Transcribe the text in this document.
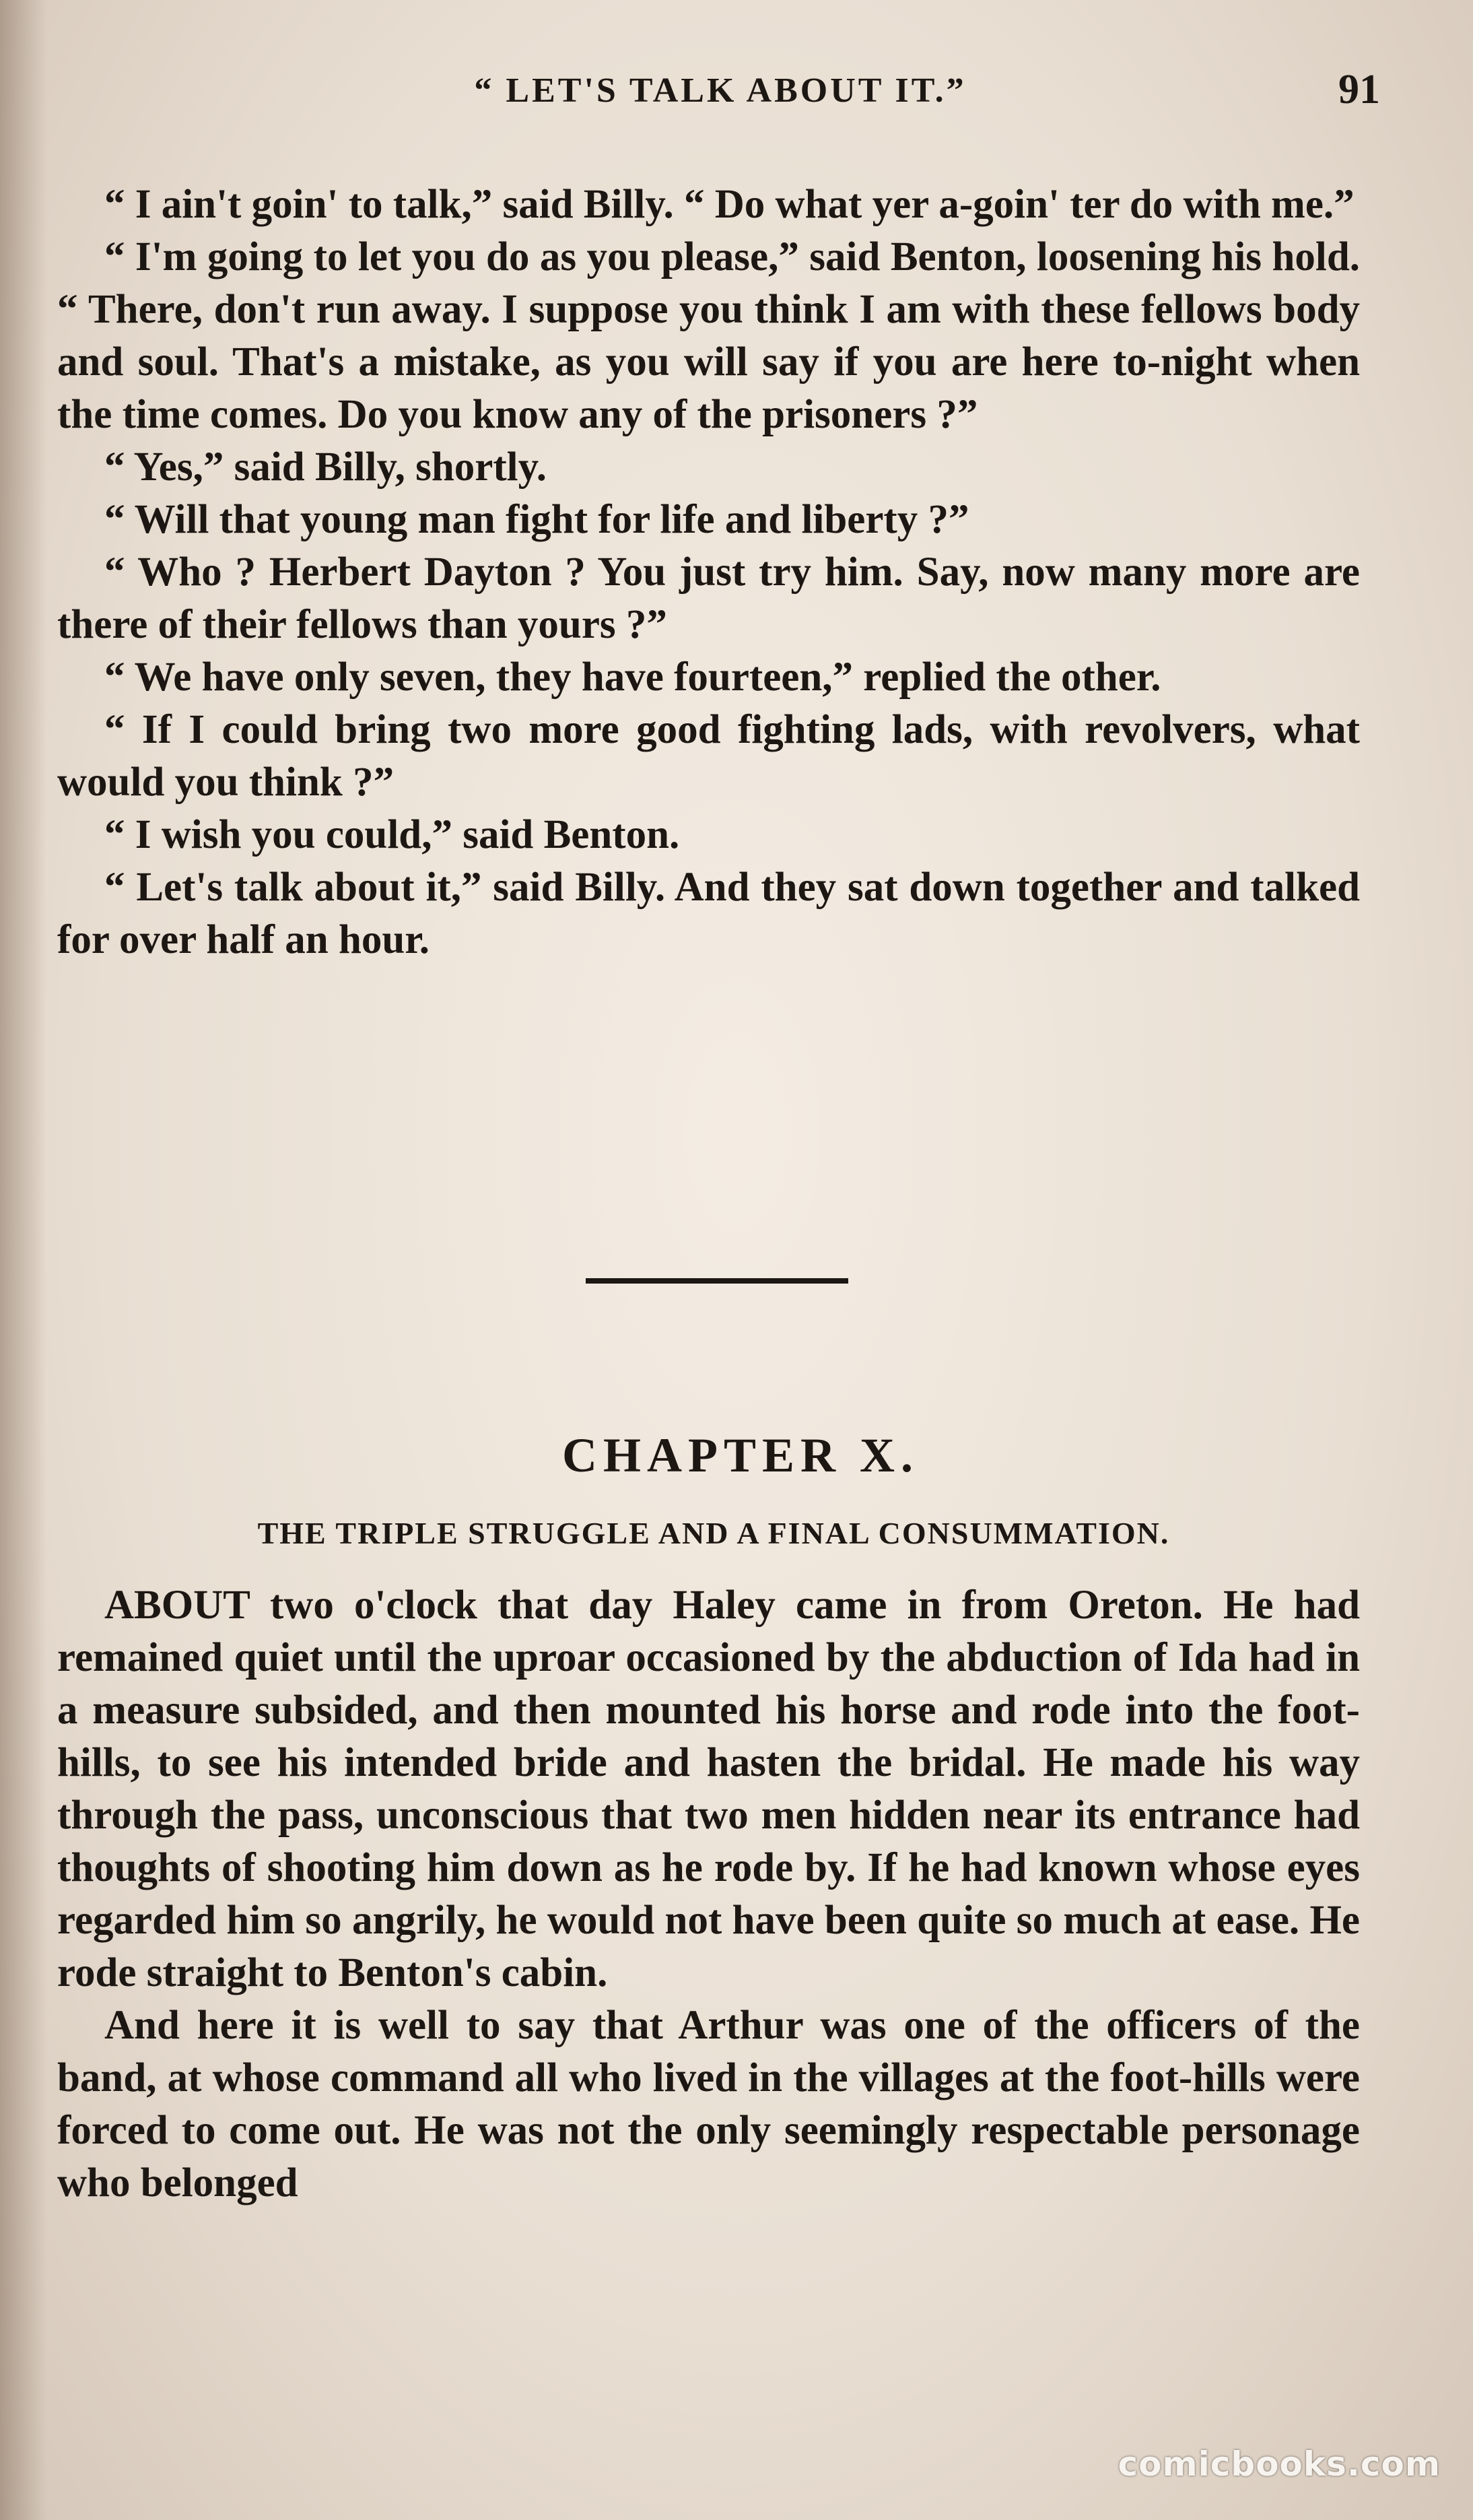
“ LET'S TALK ABOUT IT.”	91

“ I ain't goin' to talk,” said Billy. “ Do what yer a-goin' ter do with me.”

“ I'm going to let you do as you please,” said Benton, loosening his hold. “ There, don't run away. I suppose you think I am with these fellows body and soul. That's a mistake, as you will say if you are here to-night when the time comes. Do you know any of the prisoners ?”

“ Yes,” said Billy, shortly.

“ Will that young man fight for life and liberty ?”

“ Who ? Herbert Dayton ? You just try him. Say, now many more are there of their fellows than yours ?”

“ We have only seven, they have fourteen,” replied the other.

“ If I could bring two more good fighting lads, with revolvers, what would you think ?”

“ I wish you could,” said Benton.

“ Let's talk about it,” said Billy. And they sat down together and talked for over half an hour.

CHAPTER X.
THE TRIPLE STRUGGLE AND A FINAL CONSUMMATION.

ABOUT two o'clock that day Haley came in from Oreton. He had remained quiet until the uproar occasioned by the abduction of Ida had in a measure subsided, and then mounted his horse and rode into the foot-hills, to see his intended bride and hasten the bridal. He made his way through the pass, unconscious that two men hidden near its entrance had thoughts of shooting him down as he rode by. If he had known whose eyes regarded him so angrily, he would not have been quite so much at ease. He rode straight to Benton's cabin.

And here it is well to say that Arthur was one of the officers of the band, at whose command all who lived in the villages at the foot-hills were forced to come out. He was not the only seemingly respectable personage who belonged

comicbooks.com
